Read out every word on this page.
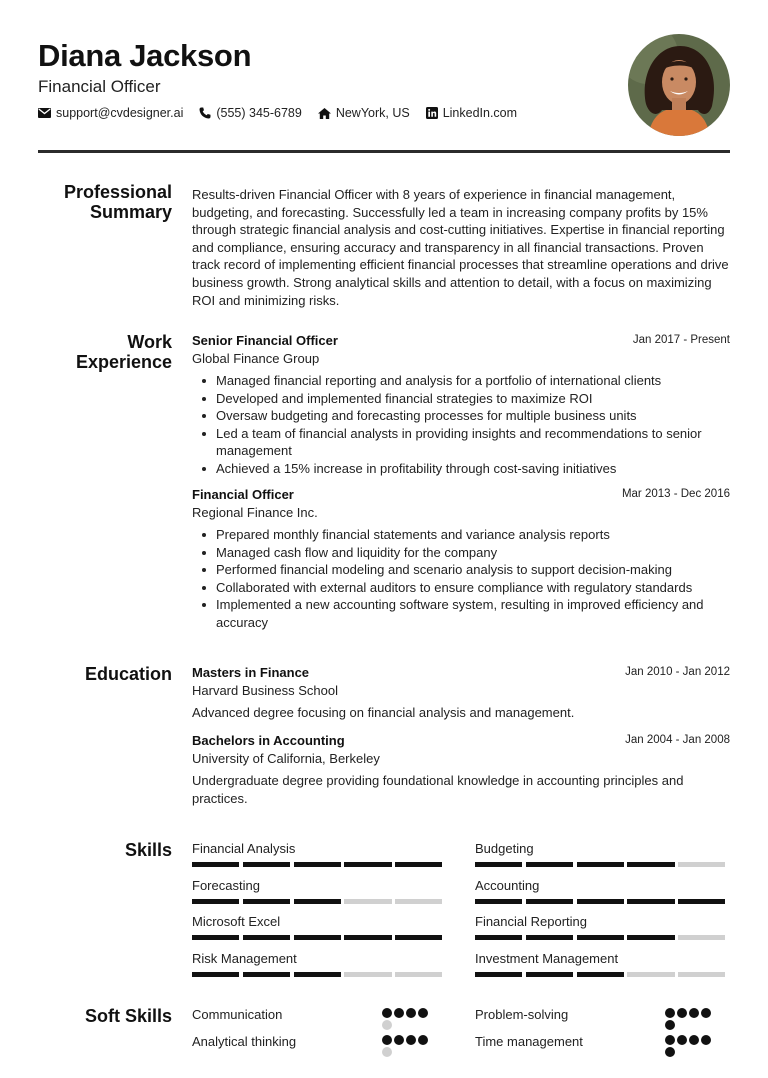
Diana Jackson
Financial Officer
support@cvdesigner.ai	(555) 345-6789	NewYork, US	LinkedIn.com
Professional
Summary
Results-driven Financial Officer with 8 years of experience in financial management, budgeting, and forecasting. Successfully led a team in increasing company profits by 15% through strategic financial analysis and cost-cutting initiatives. Expertise in financial reporting and compliance, ensuring accuracy and transparency in all financial transactions. Proven track record of implementing efficient financial processes that streamline operations and drive business growth. Strong analytical skills and attention to detail, with a focus on maximizing ROI and minimizing risks.
Work
Experience
Senior Financial Officer	Jan 2017 - Present
Global Finance Group
Managed financial reporting and analysis for a portfolio of international clients
Developed and implemented financial strategies to maximize ROI
Oversaw budgeting and forecasting processes for multiple business units
Led a team of financial analysts in providing insights and recommendations to senior management
Achieved a 15% increase in profitability through cost-saving initiatives
Financial Officer	Mar 2013 - Dec 2016
Regional Finance Inc.
Prepared monthly financial statements and variance analysis reports
Managed cash flow and liquidity for the company
Performed financial modeling and scenario analysis to support decision-making
Collaborated with external auditors to ensure compliance with regulatory standards
Implemented a new accounting software system, resulting in improved efficiency and accuracy
Education Masters in Finance	Jan 2010 - Jan 2012
Harvard Business School
Advanced degree focusing on financial analysis and management.
Bachelors in Accounting	Jan 2004 - Jan 2008
University of California, Berkeley
Undergraduate degree providing foundational knowledge in accounting principles and practices.
Skills Financial Analysis	Budgeting
Forecasting	Accounting
Microsoft Excel	Financial Reporting
Risk Management	Investment Management
Soft Skills Communication	Problem-solving
Analytical thinking	Time management
